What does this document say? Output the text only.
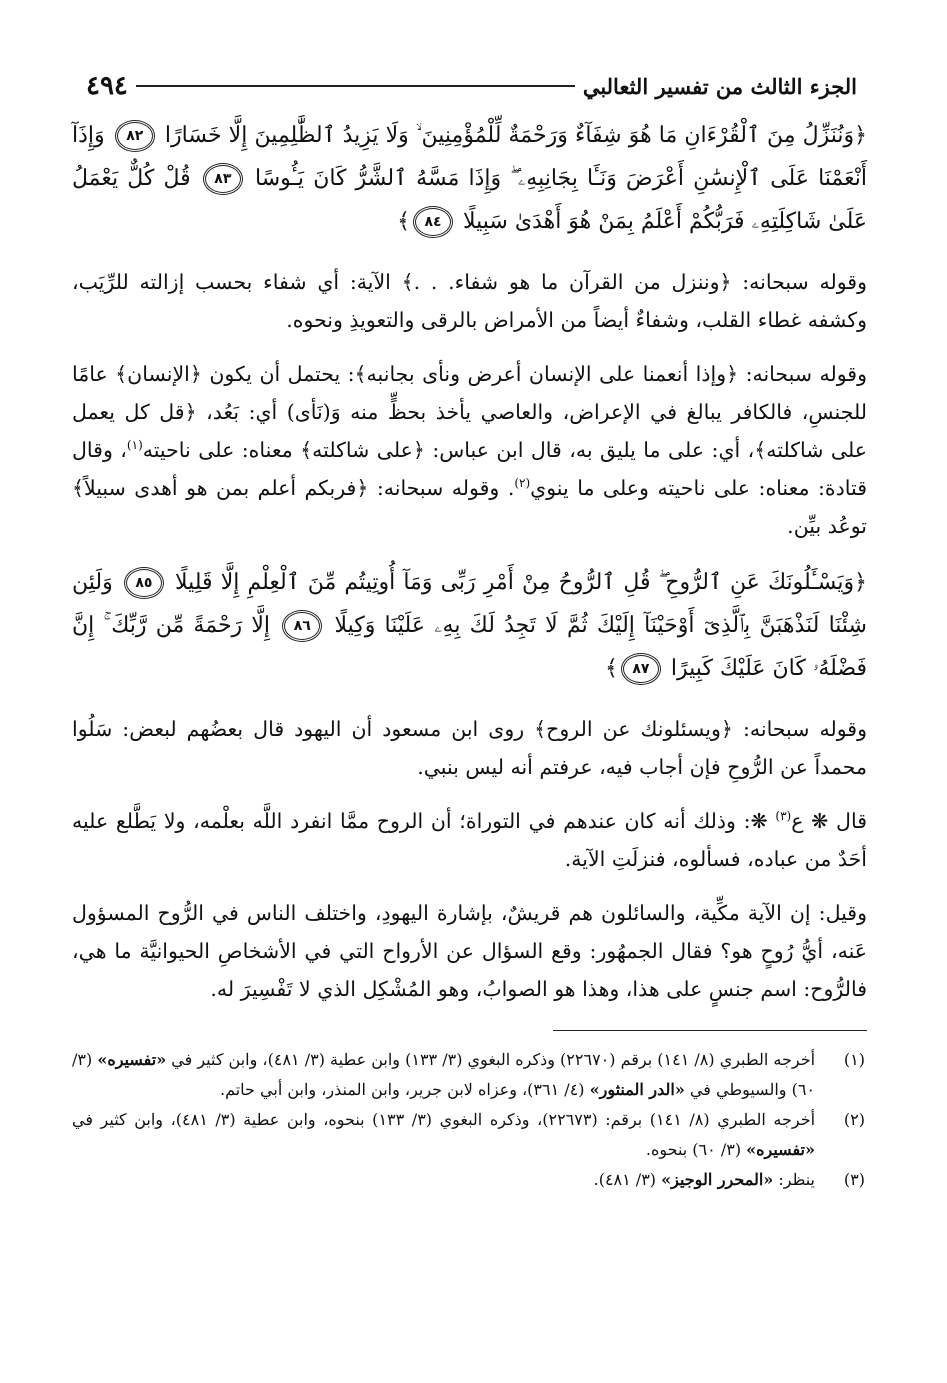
الجزء الثالث من تفسير الثعالبي
٤٩٤
﴿وَنُنَزِّلُ مِنَ ٱلْقُرْءَانِ مَا هُوَ شِفَآءٌ وَرَحْمَةٌ لِّلْمُؤْمِنِينَ ۙ وَلَا يَزِيدُ ٱلظَّٰلِمِينَ إِلَّا خَسَارًا ٨٢ وَإِذَآ أَنْعَمْنَا عَلَى ٱلْإِنسَٰنِ أَعْرَضَ وَنَـَٔا بِجَانِبِهِۦ ۖ وَإِذَا مَسَّهُ ٱلشَّرُّ كَانَ يَـُٔوسًا ٨٣ قُلْ كُلٌّ يَعْمَلُ عَلَىٰ شَاكِلَتِهِۦ فَرَبُّكُمْ أَعْلَمُ بِمَنْ هُوَ أَهْدَىٰ سَبِيلًا ٨٤﴾

وقوله سبحانه: ﴿وننزل من القرآن ما هو شفاء. . .﴾ الآية: أي شفاء بحسب إزالته للرِّيَب، وكشفه غطاء القلب، وشفاءٌ أيضاً من الأمراض بالرقى والتعويذِ ونحوه.

وقوله سبحانه: ﴿وإذا أنعمنا على الإنسان أعرض ونأى بجانبه﴾: يحتمل أن يكون ﴿الإنسان﴾ عامًا للجنسِ، فالكافر يبالغ في الإعراض، والعاصي يأخذ بحظٍّ منه وَ(نَأى) أي: بَعُد، ﴿قل كل يعمل على شاكلته﴾، أي: على ما يليق به، قال ابن عباس: ﴿على شاكلته﴾ معناه: على ناحيته$^{(١)}$، وقال قتادة: معناه: على ناحيته وعلى ما ينوي$^{(٢)}$. وقوله سبحانه: ﴿فربكم أعلم بمن هو أهدى سبيلاً﴾ توعُد بيِّن.

﴿وَيَسْـَٔلُونَكَ عَنِ ٱلرُّوحِ ۖ قُلِ ٱلرُّوحُ مِنْ أَمْرِ رَبِّى وَمَآ أُوتِيتُم مِّنَ ٱلْعِلْمِ إِلَّا قَلِيلًا ٨٥ وَلَئِن شِئْنَا لَنَذْهَبَنَّ بِٱلَّذِىٓ أَوْحَيْنَآ إِلَيْكَ ثُمَّ لَا تَجِدُ لَكَ بِهِۦ عَلَيْنَا وَكِيلًا ٨٦ إِلَّا رَحْمَةً مِّن رَّبِّكَ ۚ إِنَّ فَضْلَهُۥ كَانَ عَلَيْكَ كَبِيرًا ٨٧﴾

وقوله سبحانه: ﴿ويسئلونك عن الروح﴾ روى ابن مسعود أن اليهود قال بعضُهم لبعض: سَلُوا محمداً عن الرُّوحِ فإن أجاب فيه، عرفتم أنه ليس بنبي.

قال ❋ ع$^{(٣)}$ ❋: وذلك أنه كان عندهم في التوراة؛ أن الروح ممَّا انفرد اللَّه بعلْمه، ولا يَطَّلع عليه أحَدٌ من عباده، فسألوه، فنزلَتِ الآية.

وقيل: إن الآية مكِّية، والسائلون هم قريشٌ، بإشارة اليهودِ، واختلف الناس في الرُّوح المسؤول عَنه، أيُّ رُوحٍ هو؟ فقال الجمهُور: وقع السؤال عن الأرواح التي في الأشخاصِ الحيوانيَّة ما هي، فالرُّوح: اسم جنسٍ على هذا، وهذا هو الصوابُ، وهو المُشْكِل الذي لا تَفْسِيرَ له.

(١)
أخرجه الطبري (٨/ ١٤١) برقم (٢٢٦٧٠) وذكره البغوي (٣/ ١٣٣) وابن عطية (٣/ ٤٨١)، وابن كثير في «تفسيره» (٣/ ٦٠) والسيوطي في «الدر المنثور» (٤/ ٣٦١)، وعزاه لابن جرير، وابن المنذر، وابن أبي حاتم.
(٢)
أخرجه الطبري (٨/ ١٤١) برقم: (٢٢٦٧٣)، وذكره البغوي (٣/ ١٣٣) بنحوه، وابن عطية (٣/ ٤٨١)، وابن كثير في «تفسيره» (٣/ ٦٠) بنحوه.
(٣)
ينظر: «المحرر الوجيز» (٣/ ٤٨١).
